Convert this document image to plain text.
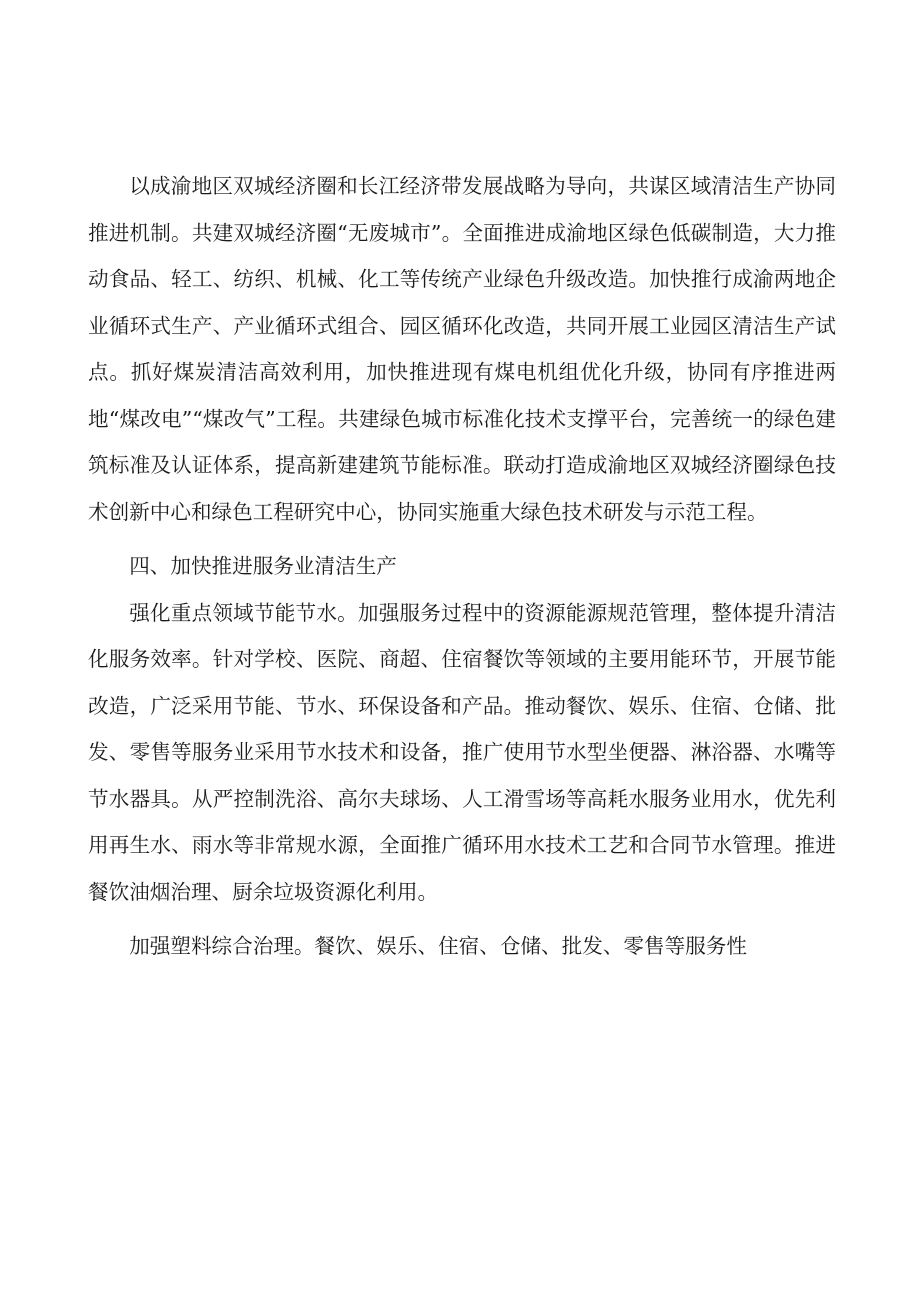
以成渝地区双城经济圈和长江经济带发展战略为导向，共谋区域清洁生产协同推进机制。共建双城经济圈“无废城市”。全面推进成渝地区绿色低碳制造，大力推动食品、轻工、纺织、机械、化工等传统产业绿色升级改造。加快推行成渝两地企业循环式生产、产业循环式组合、园区循环化改造，共同开展工业园区清洁生产试点。抓好煤炭清洁高效利用，加快推进现有煤电机组优化升级，协同有序推进两地“煤改电”“煤改气”工程。共建绿色城市标准化技术支撑平台，完善统一的绿色建筑标准及认证体系，提高新建建筑节能标准。联动打造成渝地区双城经济圈绿色技术创新中心和绿色工程研究中心，协同实施重大绿色技术研发与示范工程。

四、加快推进服务业清洁生产

强化重点领域节能节水。加强服务过程中的资源能源规范管理，整体提升清洁化服务效率。针对学校、医院、商超、住宿餐饮等领域的主要用能环节，开展节能改造，广泛采用节能、节水、环保设备和产品。推动餐饮、娱乐、住宿、仓储、批发、零售等服务业采用节水技术和设备，推广使用节水型坐便器、淋浴器、水嘴等节水器具。从严控制洗浴、高尔夫球场、人工滑雪场等高耗水服务业用水，优先利用再生水、雨水等非常规水源，全面推广循环用水技术工艺和合同节水管理。推进餐饮油烟治理、厨余垃圾资源化利用。

加强塑料综合治理。餐饮、娱乐、住宿、仓储、批发、零售等服务性
